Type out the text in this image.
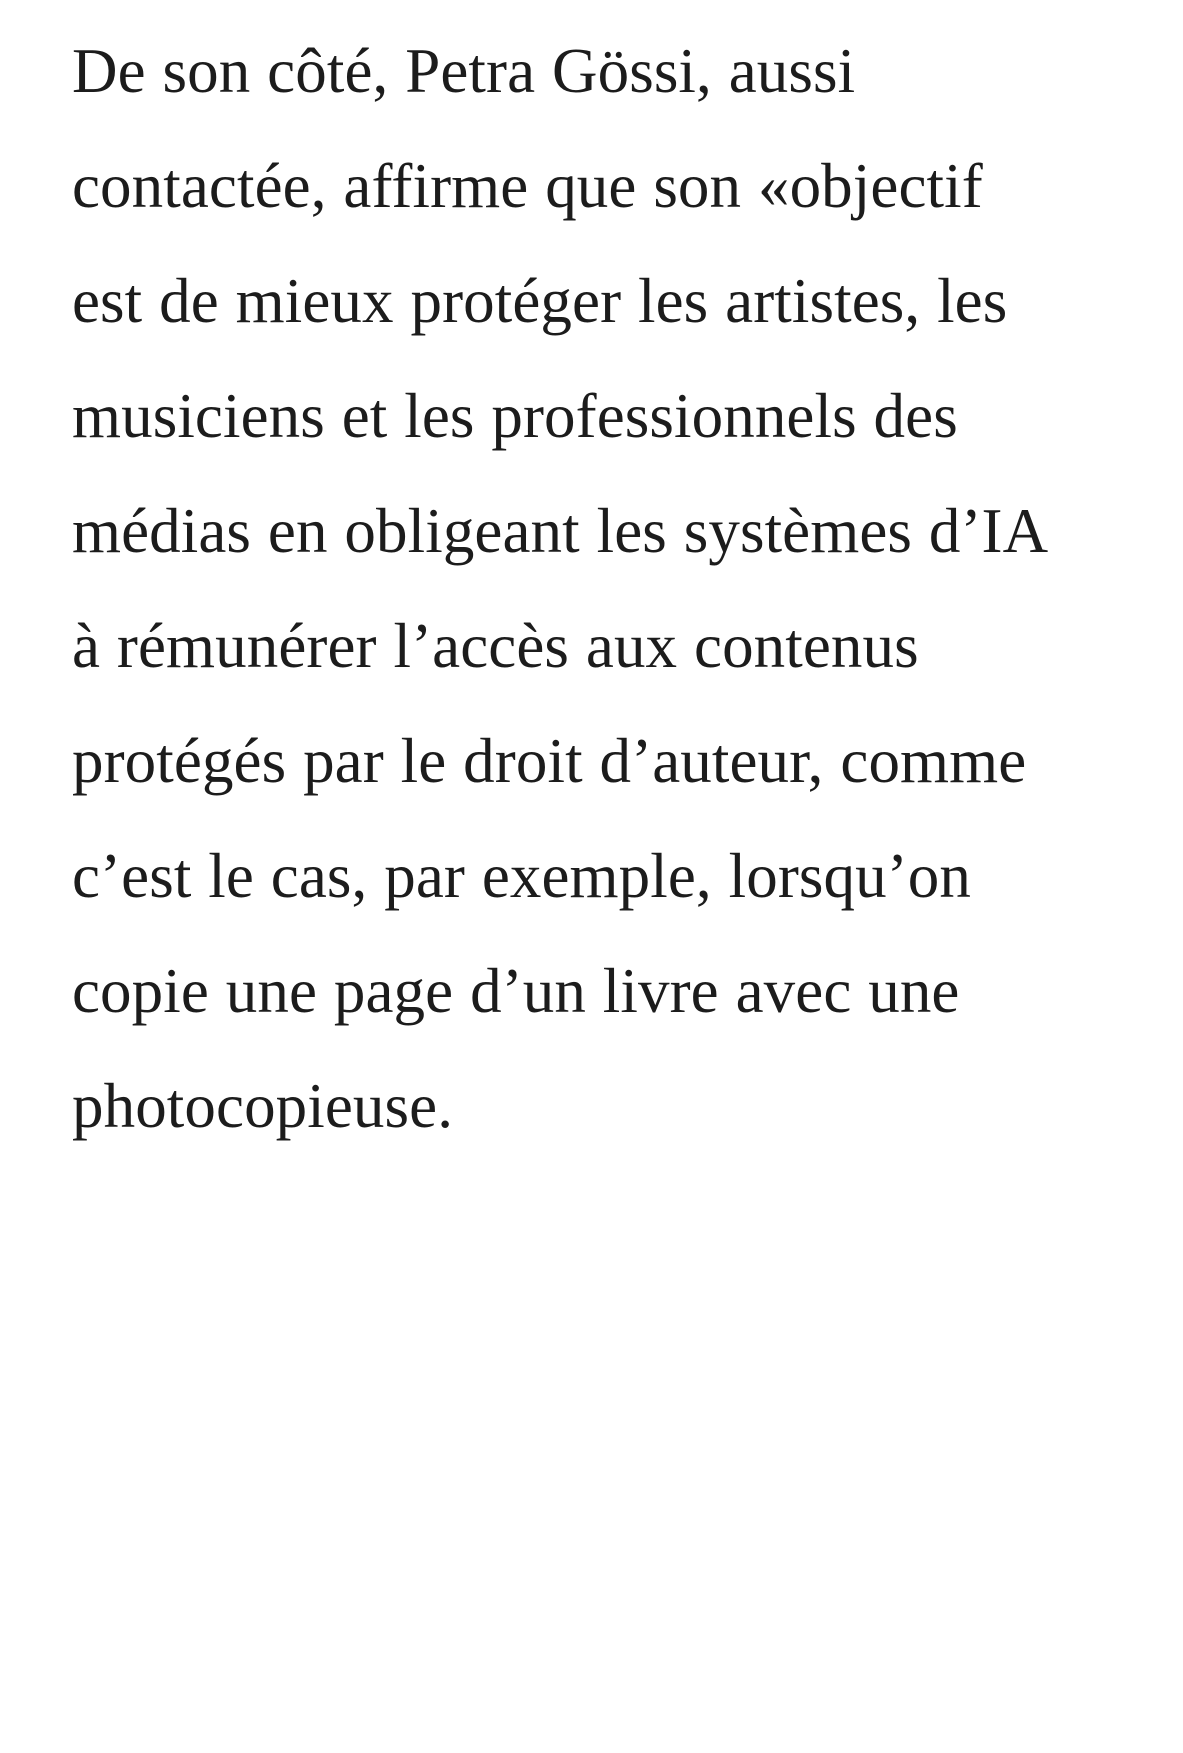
De son côté, Petra Gössi, aussi contactée, affirme que son «objectif est de mieux protéger les artistes, les musiciens et les professionnels des médias en obligeant les systèmes d’IA à rémunérer l’accès aux contenus protégés par le droit d’auteur, comme c’est le cas, par exemple, lorsqu’on copie une page d’un livre avec une photocopieuse.
